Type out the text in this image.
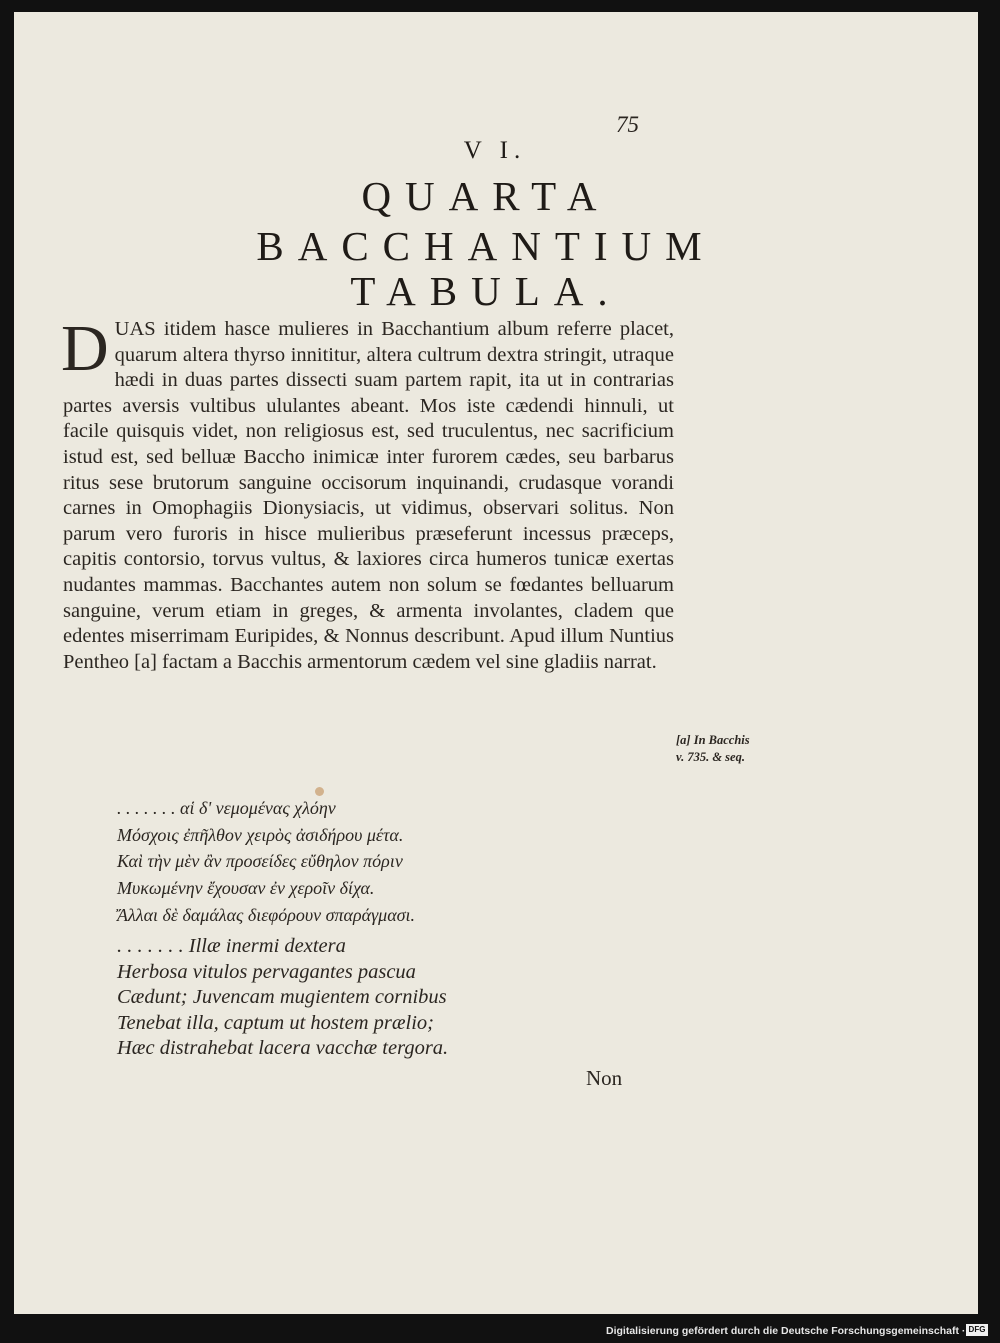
75
V I.
QUARTA
BACCHANTIUM
TABULA.

DUAS itidem hasce mulieres in Bacchantium album referre placet, quarum altera thyrso innititur, altera cultrum dextra stringit, utraque hædi in duas partes dissecti suam partem rapit, ita ut in contrarias partes aversis vultibus ululantes abeant. Mos iste cædendi hinnuli, ut facile quisquis videt, non religiosus est, sed truculentus, nec sacrificium istud est, sed belluæ Baccho inimicæ inter furorem cædes, seu barbarus ritus sese brutorum sanguine occisorum inquinandi, crudasque vorandi carnes in Omophagiis Dionysiacis, ut vidimus, observari solitus. Non parum vero furoris in hisce mulieribus præseferunt incessus præceps, capitis contorsio, torvus vultus, & laxiores circa humeros tunicæ exertas nudantes mammas. Bacchantes autem non solum se fœdantes belluarum sanguine, verum etiam in greges, & armenta involantes, cladem que edentes miserrimam Euripides, & Nonnus describunt. Apud illum Nuntius Pentheo [a] factam a Bacchis armentorum cædem vel sine gladiis narrat.

[a] In Bacchis
v. 735. & seq.
. . . . . . . αἱ δ' νεμομένας χλόην
Μόσχοις ἐπῆλθον χειρὸς ἀσιδήρου μέτα.
Καὶ τὴν μὲν ἂν προσείδες εὔθηλον πόριν
Μυκωμένην ἔχουσαν ἐν χεροῖν δίχα.
Ἄλλαι δὲ δαμάλας διεφόρουν σπαράγμασι.
. . . . . . . Illæ inermi dextera
Herbosa vitulos pervagantes pascua
Cædunt; Juvencam mugientem cornibus
Tenebat illa, captum ut hostem prælio;
Hæc distrahebat lacera vacchæ tergora.
Non
Digitalisierung gefördert durch die Deutsche Forschungsgemeinschaft · DFG
